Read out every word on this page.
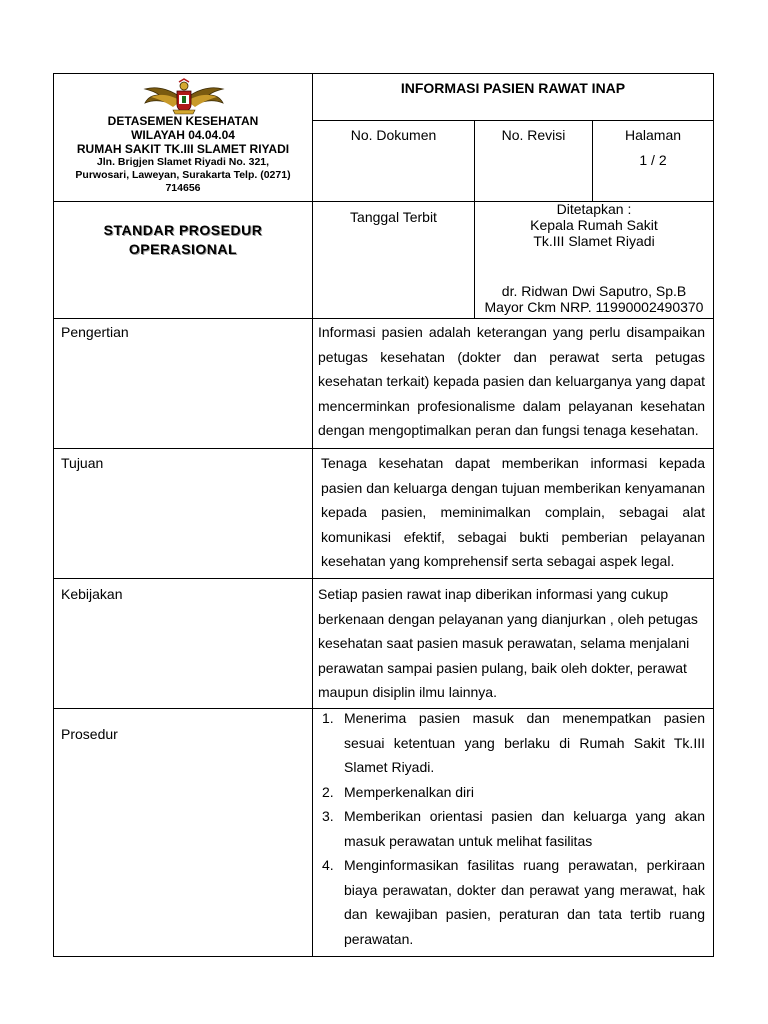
DETASEMEN KESEHATAN
WILAYAH 04.04.04
RUMAH SAKIT TK.III SLAMET RIYADI
Jln. Brigjen Slamet Riyadi No. 321,
Purwosari, Laweyan, Surakarta Telp. (0271)
714656
INFORMASI PASIEN RAWAT INAP
No. Dokumen	No. Revisi	Halaman
1 / 2
STANDAR PROSEDUR
OPERASIONAL
Tanggal Terbit	Ditetapkan :
Kepala Rumah Sakit
Tk.III Slamet Riyadi
dr. Ridwan Dwi Saputro, Sp.B
Mayor Ckm NRP. 11990002490370
Pengertian	Informasi pasien adalah keterangan yang perlu disampaikan petugas kesehatan (dokter dan perawat serta petugas kesehatan terkait) kepada pasien dan keluarganya yang dapat mencerminkan profesionalisme dalam pelayanan kesehatan dengan mengoptimalkan peran dan fungsi tenaga kesehatan.
Tujuan	Tenaga kesehatan dapat memberikan informasi kepada pasien dan keluarga dengan tujuan memberikan kenyamanan kepada pasien, meminimalkan complain, sebagai alat komunikasi efektif, sebagai bukti pemberian pelayanan kesehatan yang komprehensif serta sebagai aspek legal.
Kebijakan	Setiap pasien rawat inap diberikan informasi yang cukup
berkenaan dengan pelayanan yang dianjurkan , oleh petugas
kesehatan saat pasien masuk perawatan, selama menjalani
perawatan sampai pasien pulang, baik oleh dokter, perawat
maupun disiplin ilmu lainnya.
Prosedur
1. Menerima pasien masuk dan menempatkan pasien sesuai ketentuan yang berlaku di Rumah Sakit Tk.III Slamet Riyadi.
2. Memperkenalkan diri
3. Memberikan orientasi pasien dan keluarga yang akan masuk perawatan untuk melihat fasilitas
4. Menginformasikan fasilitas ruang perawatan, perkiraan biaya perawatan, dokter dan perawat yang merawat, hak dan kewajiban pasien, peraturan dan tata tertib ruang perawatan.
